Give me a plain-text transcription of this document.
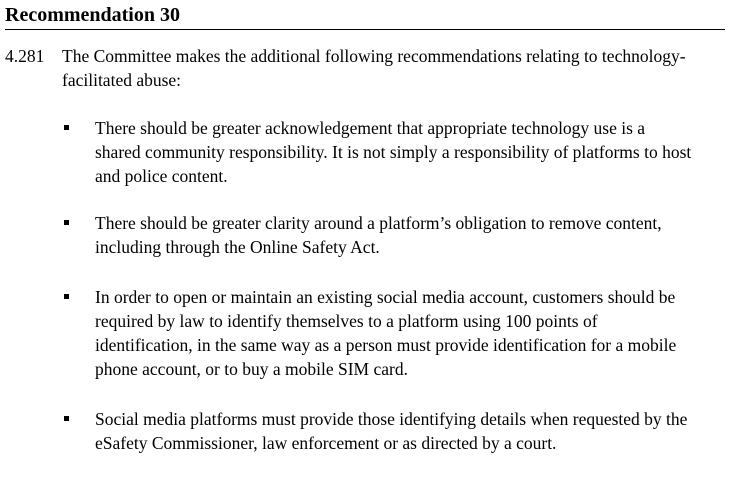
Recommendation 30
4.281 The Committee makes the additional following recommendations relating to technology-facilitated abuse:
There should be greater acknowledgement that appropriate technology use is a shared community responsibility. It is not simply a responsibility of platforms to host and police content.
There should be greater clarity around a platform’s obligation to remove content, including through the Online Safety Act.
In order to open or maintain an existing social media account, customers should be required by law to identify themselves to a platform using 100 points of identification, in the same way as a person must provide identification for a mobile phone account, or to buy a mobile SIM card.
Social media platforms must provide those identifying details when requested by the eSafety Commissioner, law enforcement or as directed by a court.
